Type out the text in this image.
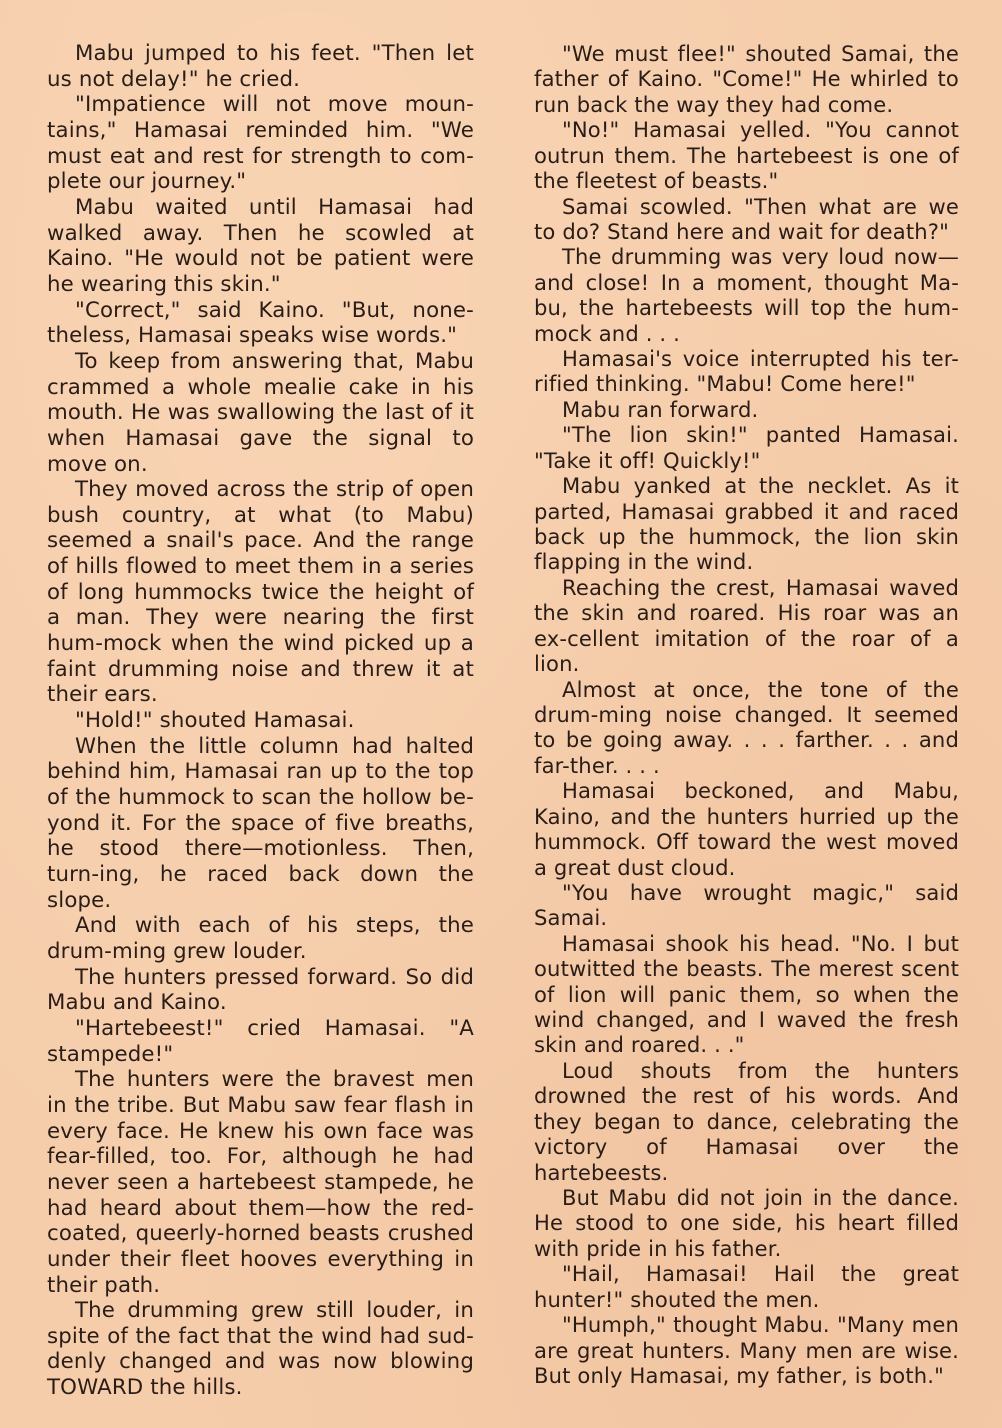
Mabu jumped to his feet. "Then let us not delay!" he cried.

"Impatience will not move moun-tains," Hamasai reminded him. "We must eat and rest for strength to com-plete our journey."

Mabu waited until Hamasai had walked away. Then he scowled at Kaino. "He would not be patient were he wearing this skin."

"Correct," said Kaino. "But, none-theless, Hamasai speaks wise words."

To keep from answering that, Mabu crammed a whole mealie cake in his mouth. He was swallowing the last of it when Hamasai gave the signal to move on.

They moved across the strip of open bush country, at what (to Mabu) seemed a snail's pace. And the range of hills flowed to meet them in a series of long hummocks twice the height of a man. They were nearing the first hum-mock when the wind picked up a faint drumming noise and threw it at their ears.

"Hold!" shouted Hamasai.

When the little column had halted behind him, Hamasai ran up to the top of the hummock to scan the hollow be-yond it. For the space of five breaths, he stood there—motionless. Then, turn-ing, he raced back down the slope.

And with each of his steps, the drum-ming grew louder.

The hunters pressed forward. So did Mabu and Kaino.

"Hartebeest!" cried Hamasai. "A stampede!"

The hunters were the bravest men in the tribe. But Mabu saw fear flash in every face. He knew his own face was fear-filled, too. For, although he had never seen a hartebeest stampede, he had heard about them—how the red-coated, queerly-horned beasts crushed under their fleet hooves everything in their path.

The drumming grew still louder, in spite of the fact that the wind had sud-denly changed and was now blowing TOWARD the hills.

"We must flee!" shouted Samai, the father of Kaino. "Come!" He whirled to run back the way they had come.

"No!" Hamasai yelled. "You cannot outrun them. The hartebeest is one of the fleetest of beasts."

Samai scowled. "Then what are we to do? Stand here and wait for death?"

The drumming was very loud now— and close! In a moment, thought Ma-bu, the hartebeests will top the hum-mock and . . .

Hamasai's voice interrupted his ter-rified thinking. "Mabu! Come here!"

Mabu ran forward.

"The lion skin!" panted Hamasai. "Take it off! Quickly!"

Mabu yanked at the necklet. As it parted, Hamasai grabbed it and raced back up the hummock, the lion skin flapping in the wind.

Reaching the crest, Hamasai waved the skin and roared. His roar was an ex-cellent imitation of the roar of a lion.

Almost at once, the tone of the drum-ming noise changed. It seemed to be going away. . . . farther. . . and far-ther. . . .

Hamasai beckoned, and Mabu, Kaino, and the hunters hurried up the hummock. Off toward the west moved a great dust cloud.

"You have wrought magic," said Samai.

Hamasai shook his head. "No. I but outwitted the beasts. The merest scent of lion will panic them, so when the wind changed, and I waved the fresh skin and roared. . ."

Loud shouts from the hunters drowned the rest of his words. And they began to dance, celebrating the victory of Hamasai over the hartebeests.

But Mabu did not join in the dance. He stood to one side, his heart filled with pride in his father.

"Hail, Hamasai! Hail the great hunter!" shouted the men.

"Humph," thought Mabu. "Many men are great hunters. Many men are wise. But only Hamasai, my father, is both."
